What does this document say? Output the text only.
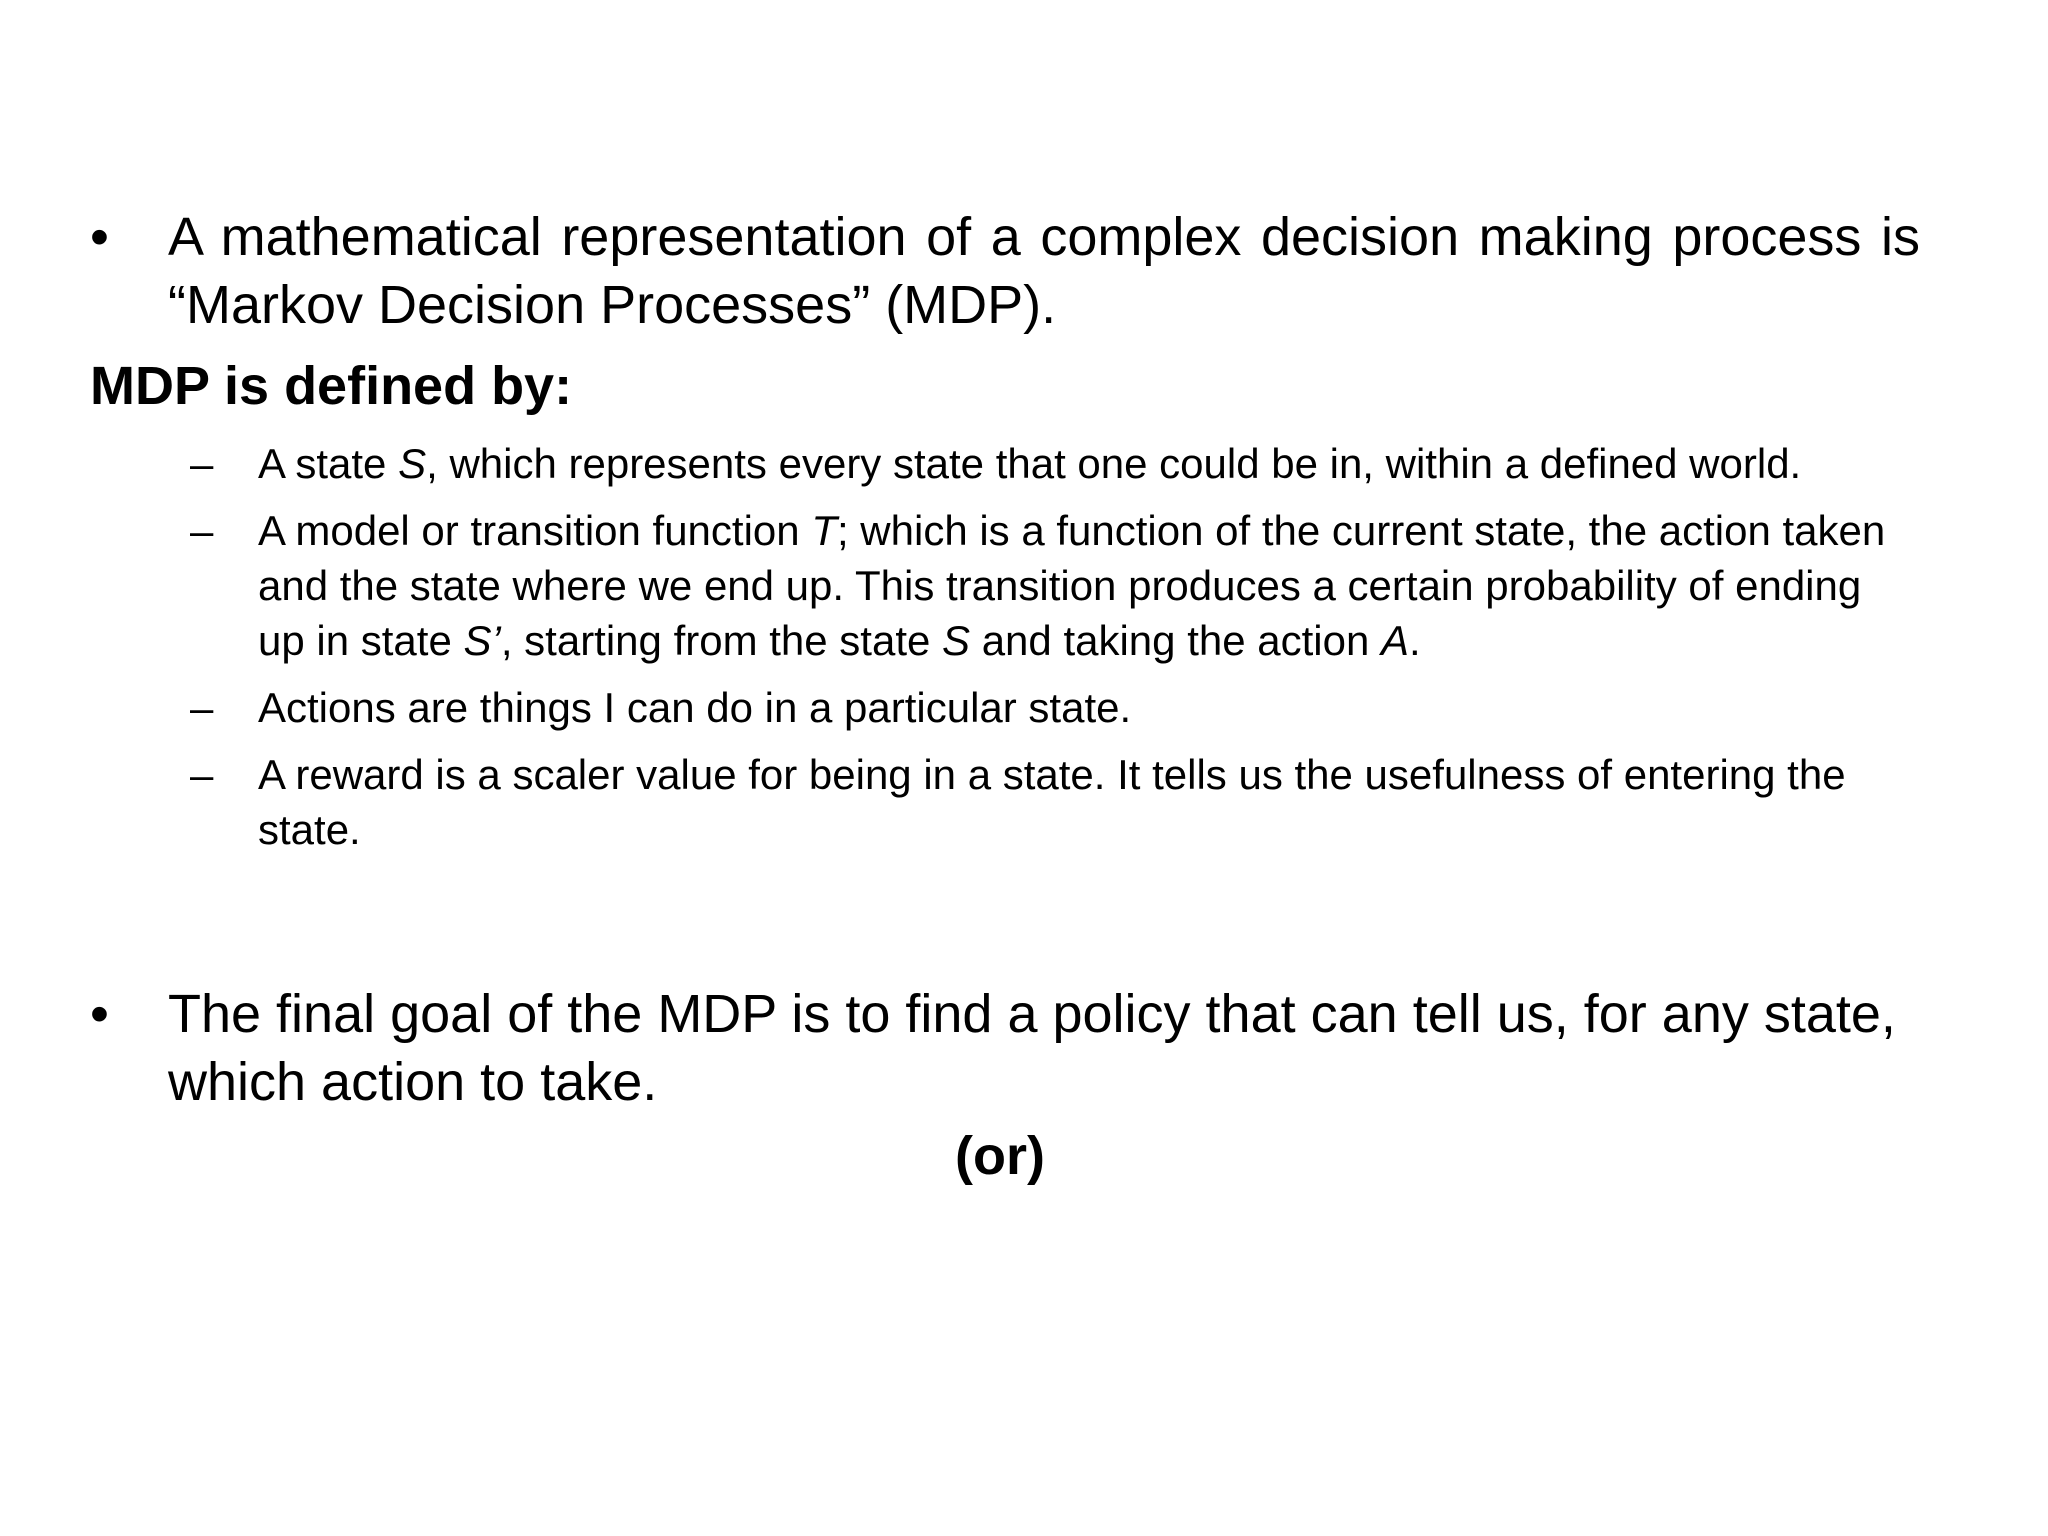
•	A mathematical representation of a complex decision making process is “Markov Decision Processes” (MDP).
MDP is defined by:
–	A state S, which represents every state that one could be in, within a defined world.
–	A model or transition function T; which is a function of the current state, the action taken and the state where we end up. This transition produces a certain probability of ending up in state S’, starting from the state S and taking the action A.
–	Actions are things I can do in a particular state.
–	A reward is a scaler value for being in a state. It tells us the usefulness of entering the state.
•	The final goal of the MDP is to find a policy that can tell us, for any state, which action to take.
(or)
